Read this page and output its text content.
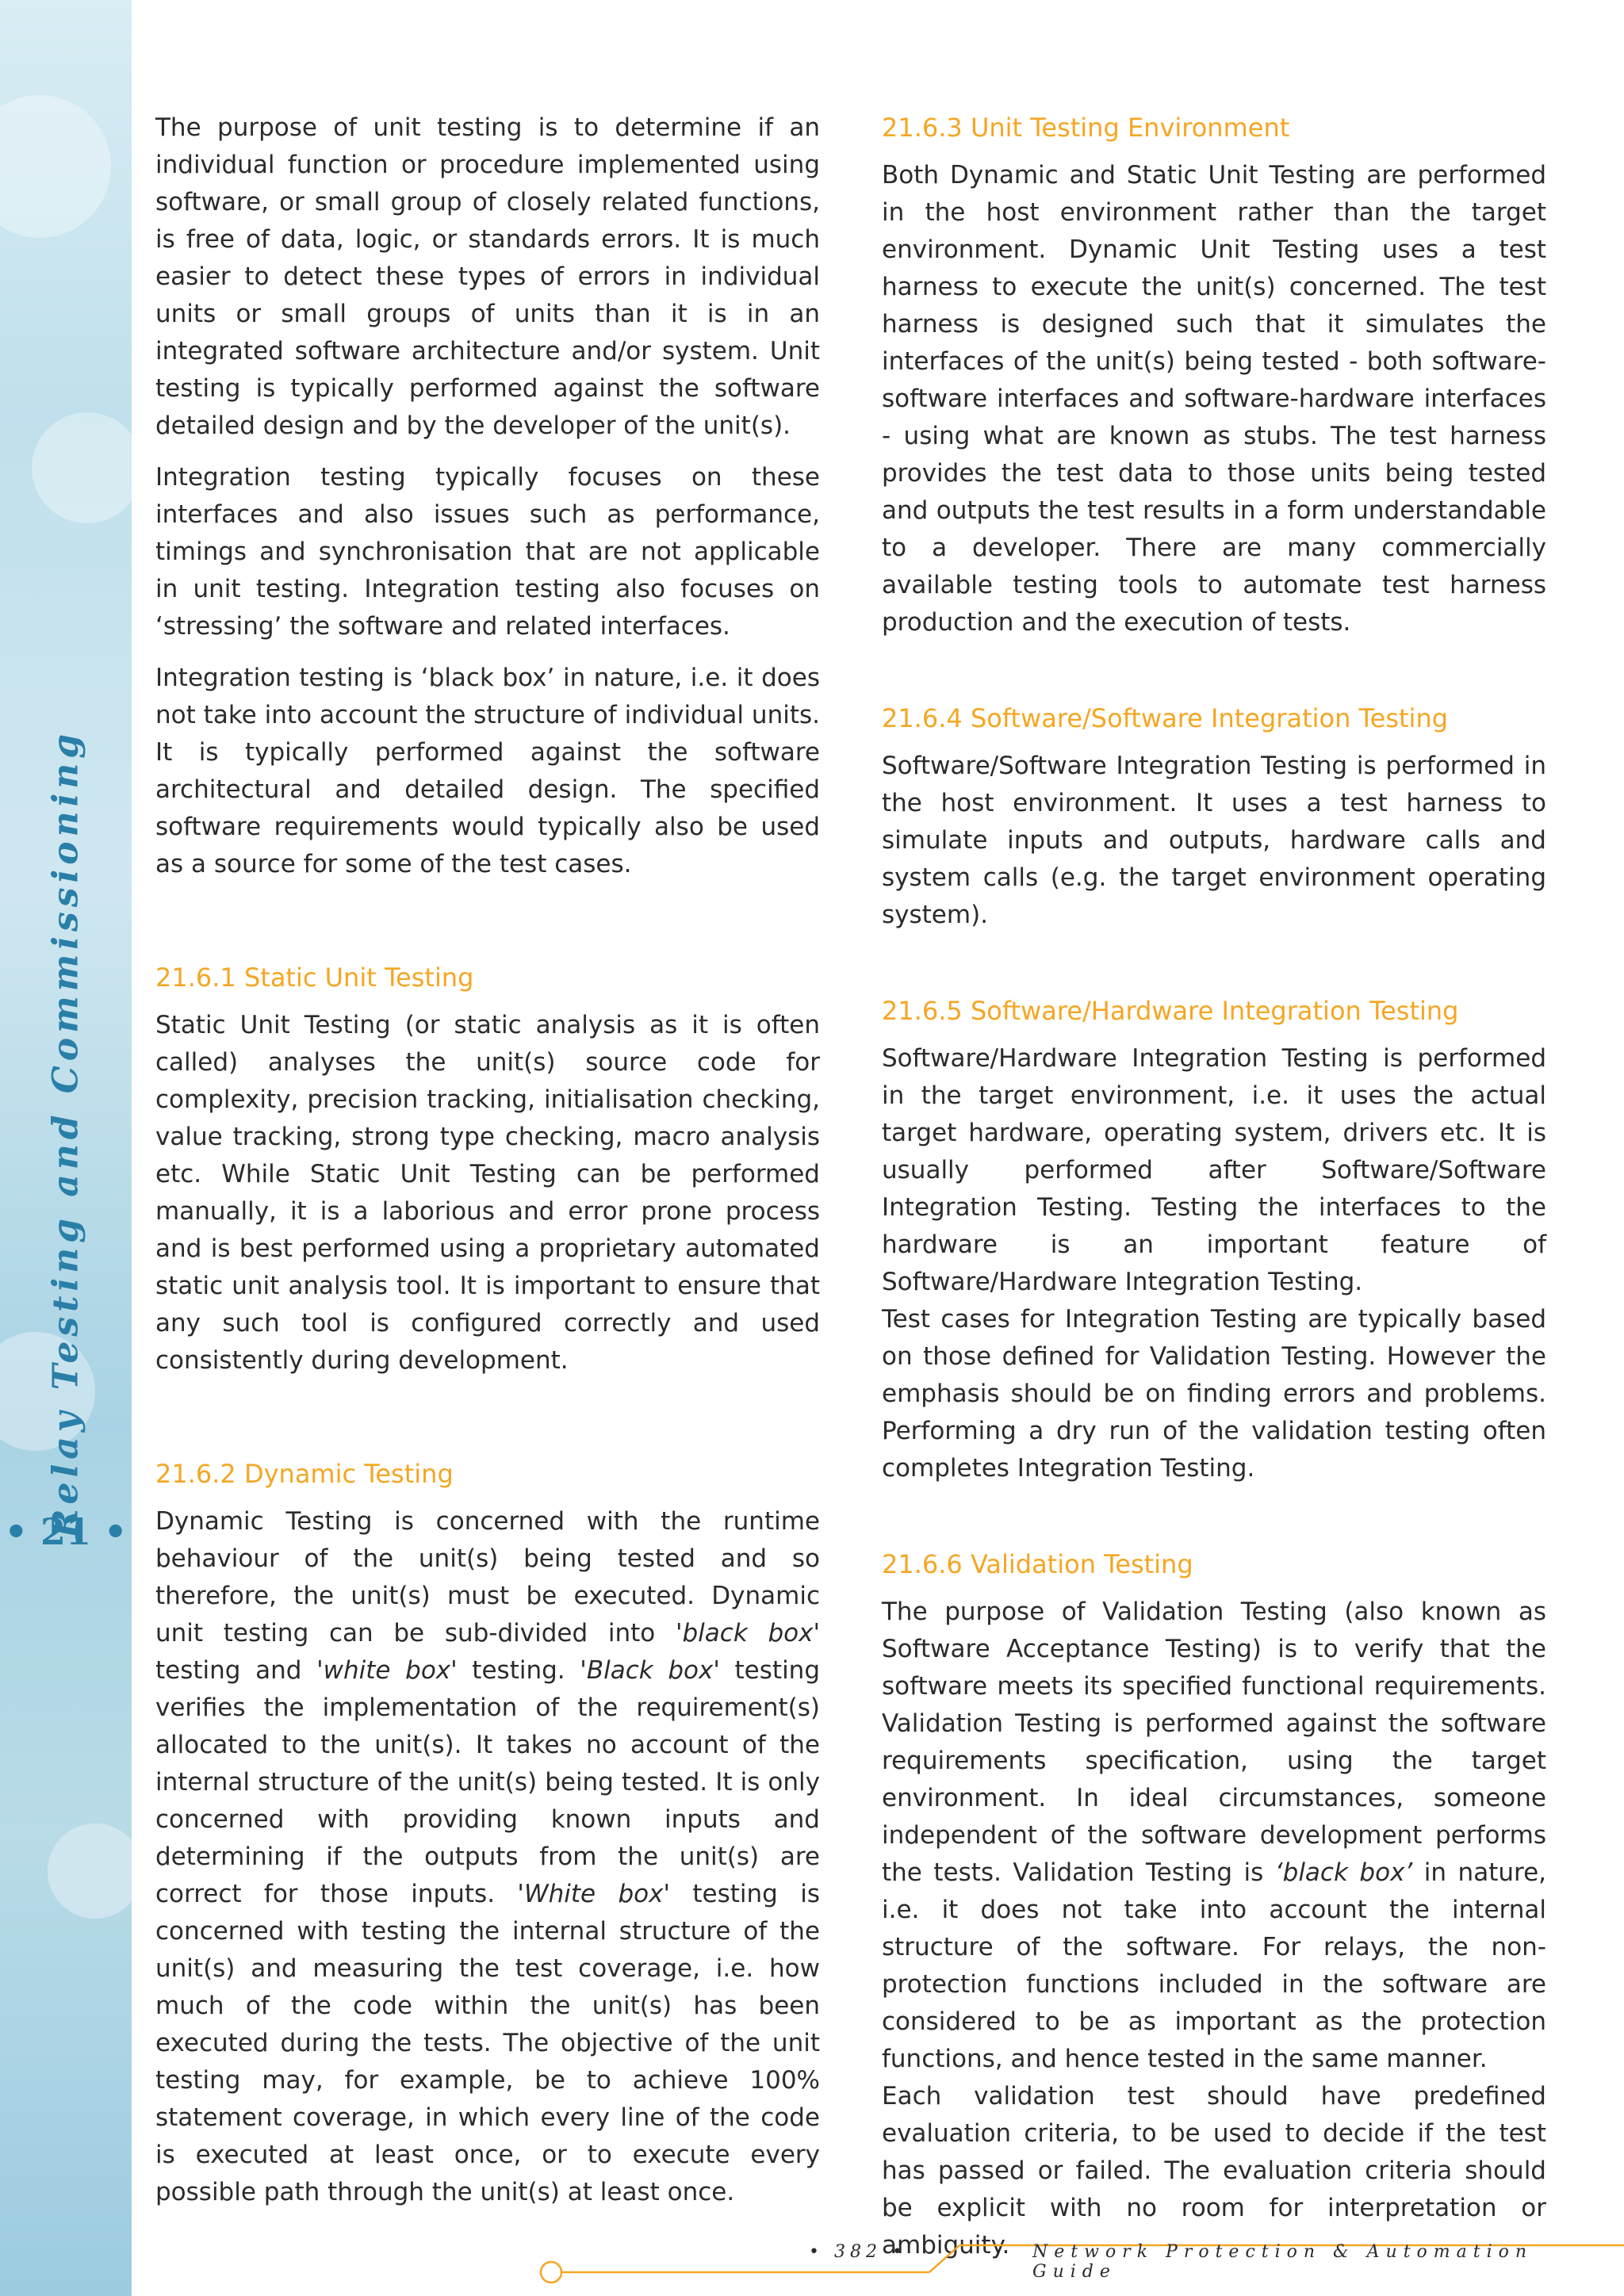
Relay Testing and Commissioning
• 21 •

The purpose of unit testing is to determine if an individual function or procedure implemented using software, or small group of closely related functions, is free of data, logic, or standards errors. It is much easier to detect these types of errors in individual units or small groups of units than it is in an integrated software architecture and/or system. Unit testing is typically performed against the software detailed design and by the developer of the unit(s).

Integration testing typically focuses on these interfaces and also issues such as performance, timings and synchronisation that are not applicable in unit testing. Integration testing also focuses on ‘stressing’ the software and related interfaces.

Integration testing is ‘black box’ in nature, i.e. it does not take into account the structure of individual units. It is typically performed against the software architectural and detailed design. The specified software requirements would typically also be used as a source for some of the test cases.

21.6.1 Static Unit Testing

Static Unit Testing (or static analysis as it is often called) analyses the unit(s) source code for complexity, precision tracking, initialisation checking, value tracking, strong type checking, macro analysis etc. While Static Unit Testing can be performed manually, it is a laborious and error prone process and is best performed using a proprietary automated static unit analysis tool. It is important to ensure that any such tool is configured correctly and used consistently during development.

21.6.2 Dynamic Testing

Dynamic Testing is concerned with the runtime behaviour of the unit(s) being tested and so therefore, the unit(s) must be executed. Dynamic unit testing can be sub-divided into 'black box' testing and 'white box' testing. 'Black box' testing verifies the implementation of the requirement(s) allocated to the unit(s). It takes no account of the internal structure of the unit(s) being tested. It is only concerned with providing known inputs and determining if the outputs from the unit(s) are correct for those inputs. 'White box' testing is concerned with testing the internal structure of the unit(s) and measuring the test coverage, i.e. how much of the code within the unit(s) has been executed during the tests. The objective of the unit testing may, for example, be to achieve 100% statement coverage, in which every line of the code is executed at least once, or to execute every possible path through the unit(s) at least once.

21.6.3 Unit Testing Environment

Both Dynamic and Static Unit Testing are performed in the host environment rather than the target environment. Dynamic Unit Testing uses a test harness to execute the unit(s) concerned. The test harness is designed such that it simulates the interfaces of the unit(s) being tested - both software-software interfaces and software-hardware interfaces - using what are known as stubs. The test harness provides the test data to those units being tested and outputs the test results in a form understandable to a developer. There are many commercially available testing tools to automate test harness production and the execution of tests.

21.6.4 Software/Software Integration Testing

Software/Software Integration Testing is performed in the host environment. It uses a test harness to simulate inputs and outputs, hardware calls and system calls (e.g. the target environment operating system).

21.6.5 Software/Hardware Integration Testing

Software/Hardware Integration Testing is performed in the target environment, i.e. it uses the actual target hardware, operating system, drivers etc. It is usually performed after Software/Software Integration Testing. Testing the interfaces to the hardware is an important feature of Software/Hardware Integration Testing.

Test cases for Integration Testing are typically based on those defined for Validation Testing. However the emphasis should be on finding errors and problems. Performing a dry run of the validation testing often completes Integration Testing.

21.6.6 Validation Testing

The purpose of Validation Testing (also known as Software Acceptance Testing) is to verify that the software meets its specified functional requirements. Validation Testing is performed against the software requirements specification, using the target environment. In ideal circumstances, someone independent of the software development performs the tests. Validation Testing is ‘black box’ in nature, i.e. it does not take into account the internal structure of the software. For relays, the non-protection functions included in the software are considered to be as important as the protection functions, and hence tested in the same manner.

Each validation test should have predefined evaluation criteria, to be used to decide if the test has passed or failed. The evaluation criteria should be explicit with no room for interpretation or ambiguity.

• 382 •	Network Protection & Automation Guide
